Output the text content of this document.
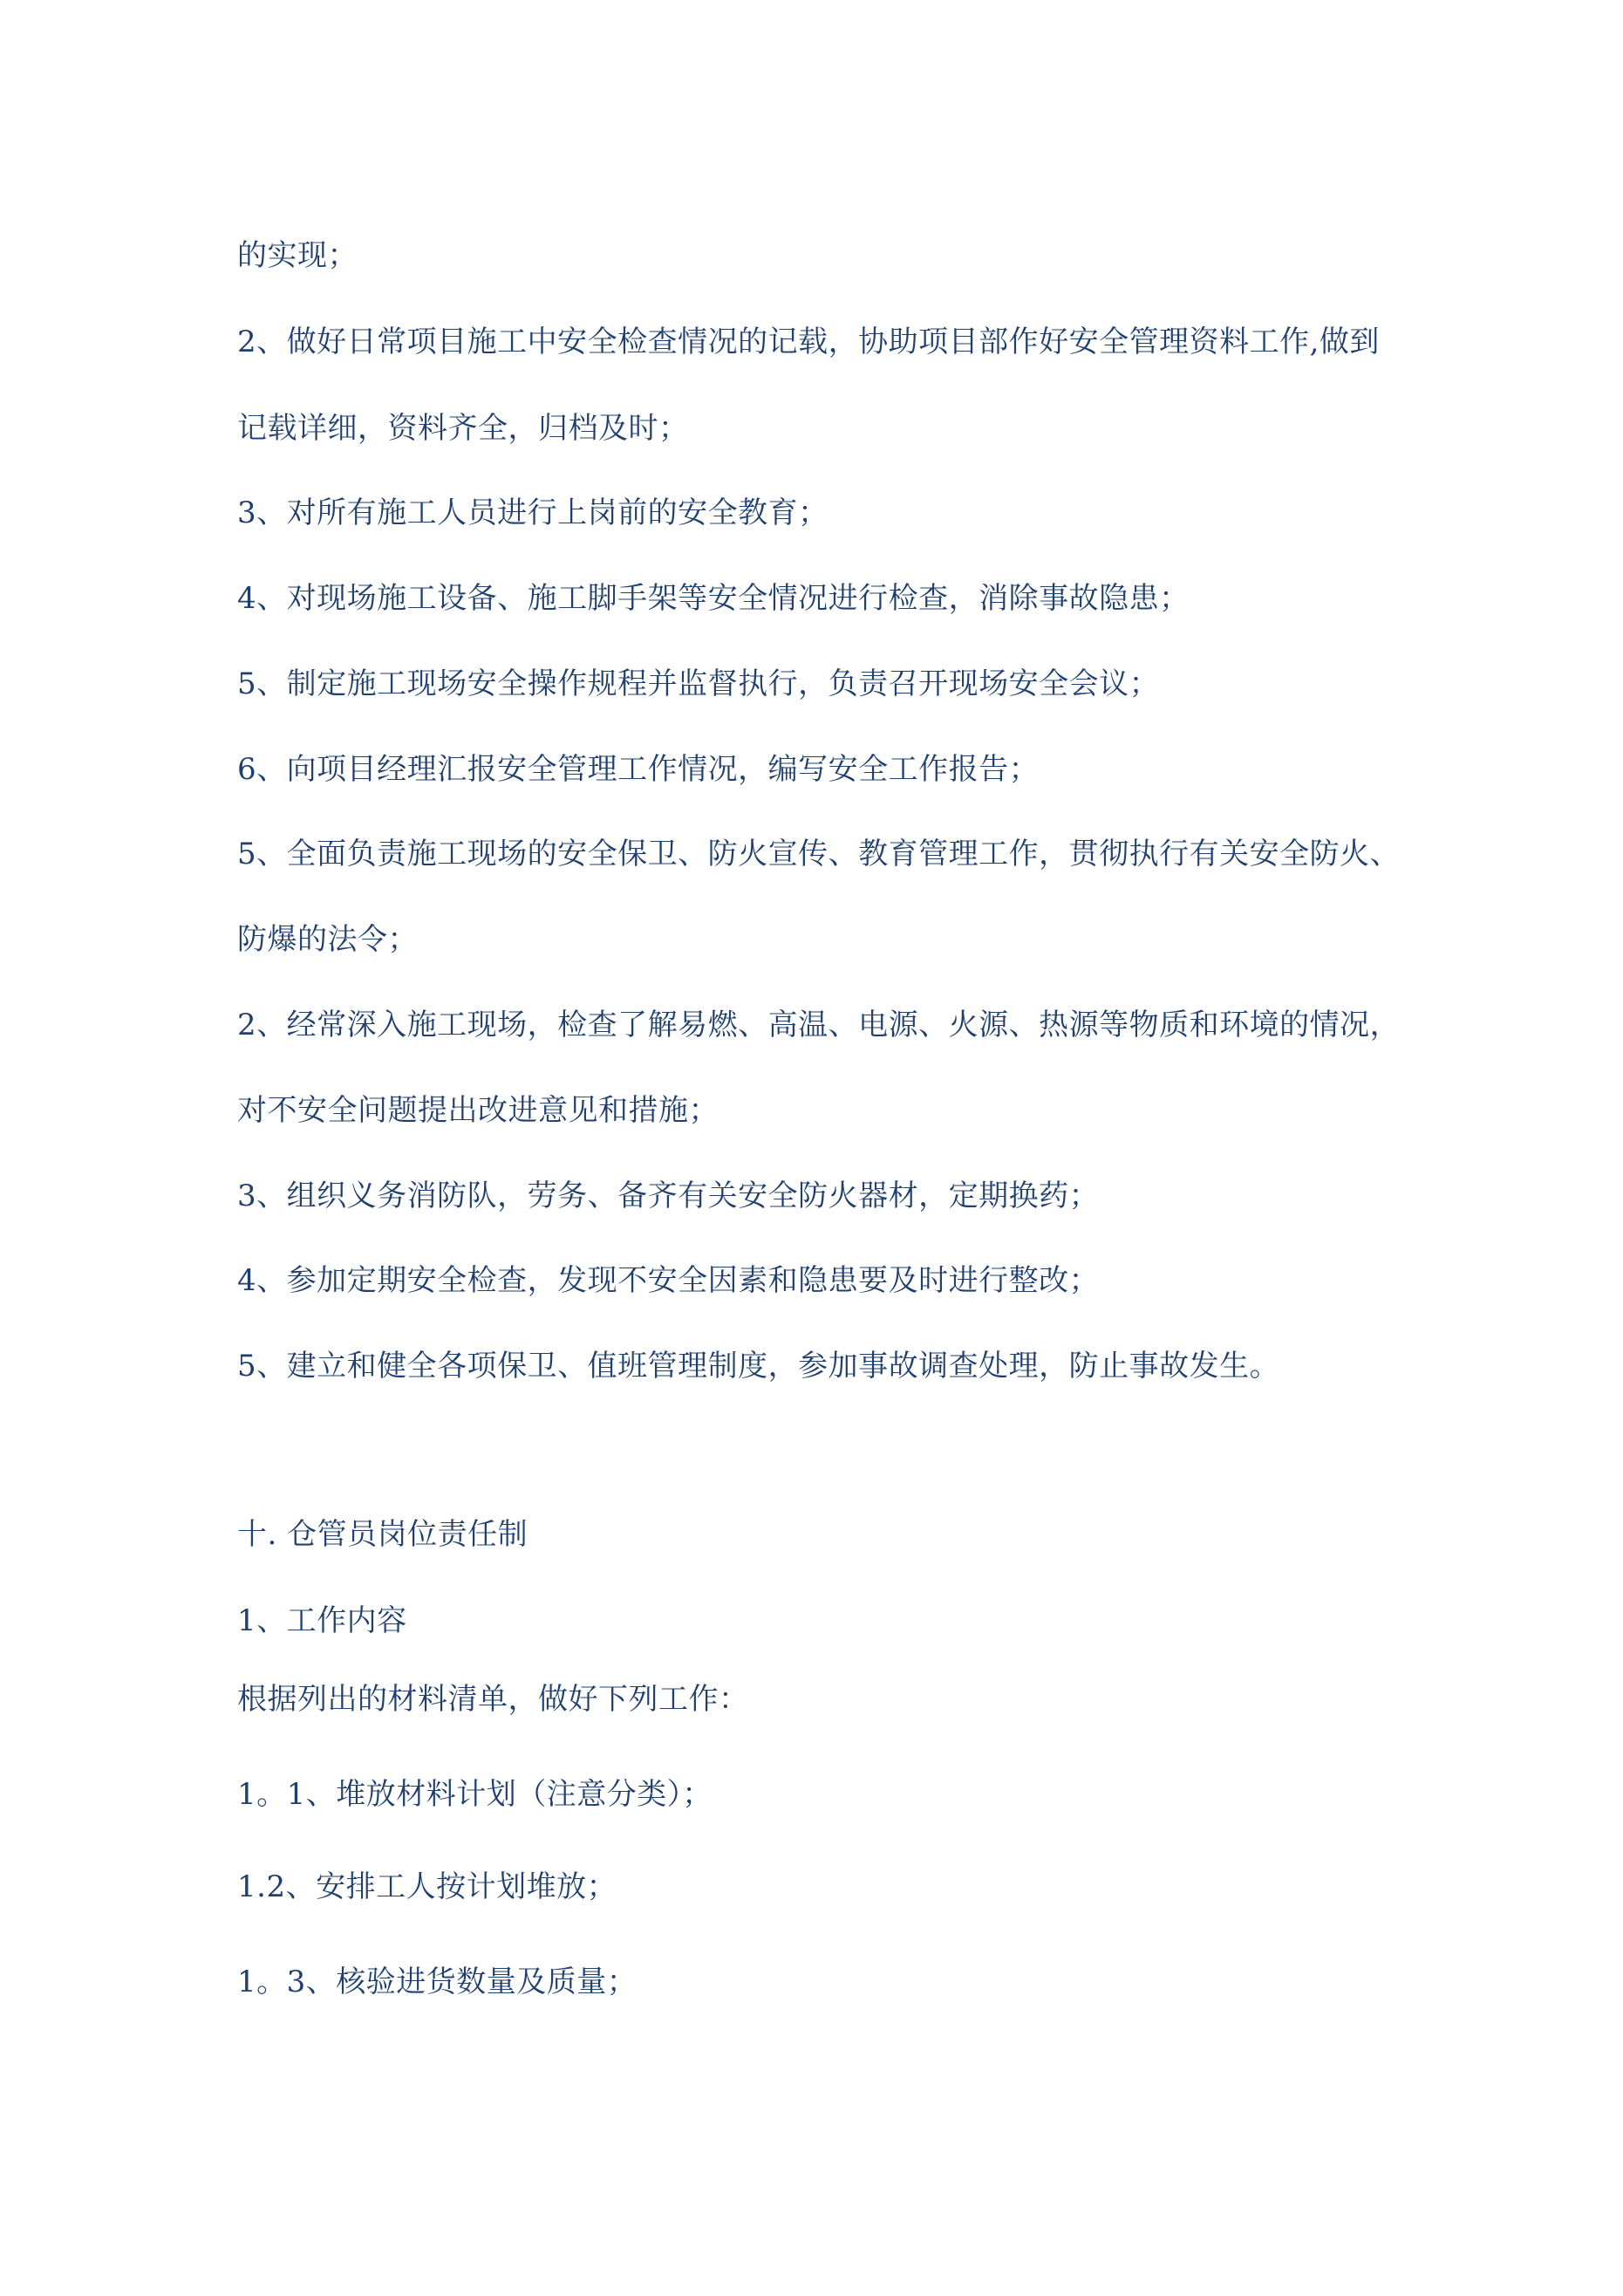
的实现；
2、做好日常项目施工中安全检查情况的记载，协助项目部作好安全管理资料工作,做到
记载详细，资料齐全，归档及时；
3、对所有施工人员进行上岗前的安全教育；
4、对现场施工设备、施工脚手架等安全情况进行检查，消除事故隐患；
5、制定施工现场安全操作规程并监督执行，负责召开现场安全会议；
6、向项目经理汇报安全管理工作情况，编写安全工作报告；
5、全面负责施工现场的安全保卫、防火宣传、教育管理工作，贯彻执行有关安全防火、
防爆的法令；
2、经常深入施工现场，检查了解易燃、高温、电源、火源、热源等物质和环境的情况，
对不安全问题提出改进意见和措施；
3、组织义务消防队，劳务、备齐有关安全防火器材，定期换药；
4、参加定期安全检查，发现不安全因素和隐患要及时进行整改；
5、建立和健全各项保卫、值班管理制度，参加事故调查处理，防止事故发生。
十. 仓管员岗位责任制
1、工作内容
根据列出的材料清单，做好下列工作：
1。1、堆放材料计划（注意分类）；
1.2、安排工人按计划堆放；
1。3、核验进货数量及质量；
